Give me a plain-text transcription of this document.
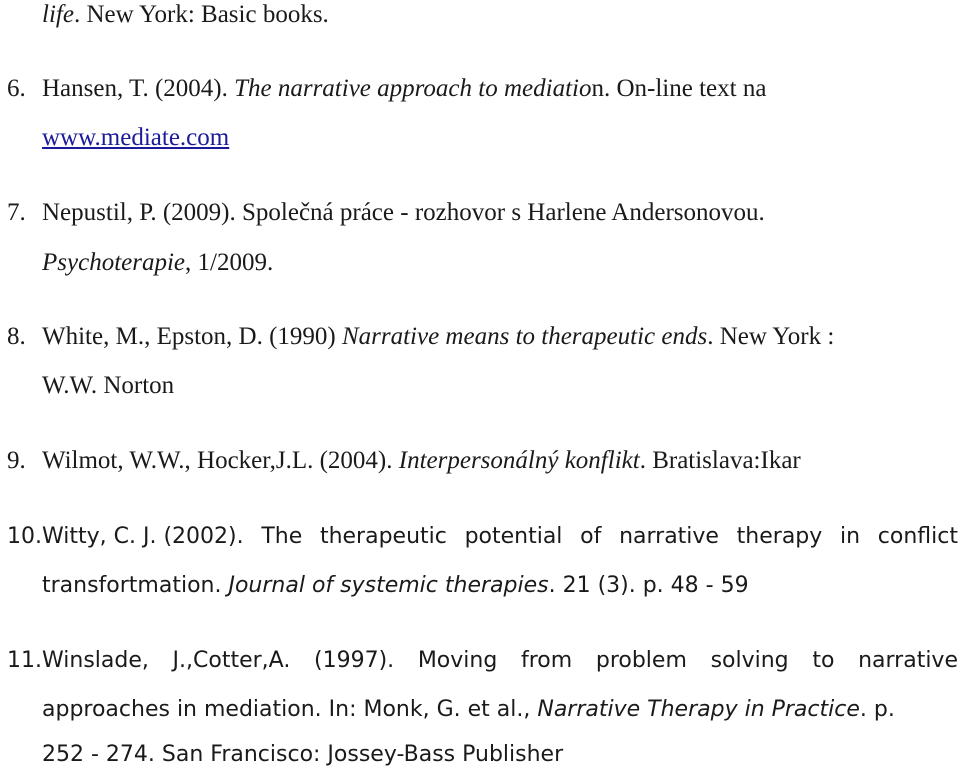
life. New York: Basic books.
6. Hansen, T. (2004). The narrative approach to mediation. On-line text na
www.mediate.com
7. Nepustil, P. (2009). Společná práce - rozhovor s Harlene Andersonovou.
Psychoterapie, 1/2009.
8. White, M., Epston, D. (1990) Narrative means to therapeutic ends. New York :
W.W. Norton
9. Wilmot, W.W., Hocker,J.L. (2004). Interpersonálný konflikt. Bratislava:Ikar
10. Witty, C. J. (2002). The therapeutic potential of narrative therapy in conflict
transfortmation. Journal of systemic therapies. 21 (3). p. 48 - 59
11. Winslade, J.,Cotter,A. (1997). Moving from problem solving to narrative
approaches in mediation. In: Monk, G. et al., Narrative Therapy in Practice. p.
252 - 274. San Francisco: Jossey-Bass Publisher
